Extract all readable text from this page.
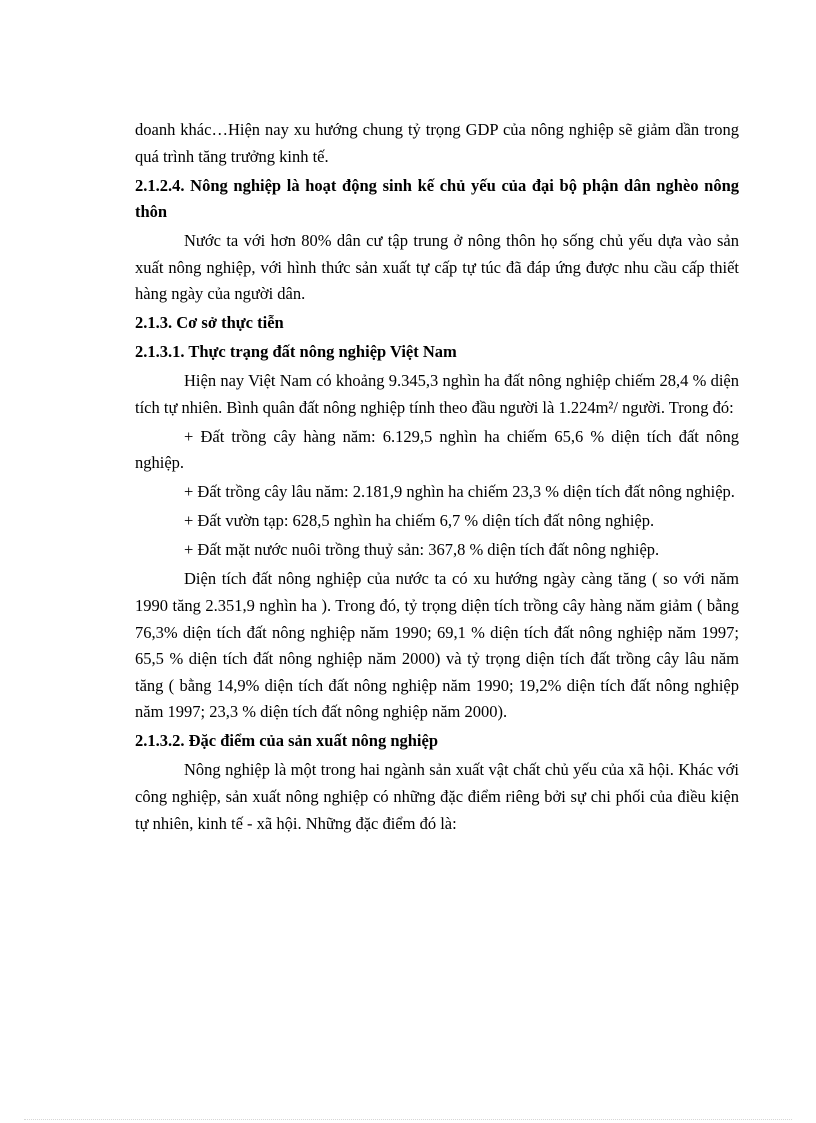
doanh khác…Hiện nay xu hướng chung tỷ trọng GDP của nông nghiệp sẽ giảm dần trong quá trình tăng trưởng kinh tế.

2.1.2.4. Nông nghiệp là hoạt động sinh kế chủ yếu của đại bộ phận dân nghèo nông thôn

Nước ta với hơn 80% dân cư tập trung ở nông thôn họ sống chủ yếu dựa vào sản xuất nông nghiệp, với hình thức sản xuất tự cấp tự túc đã đáp ứng được nhu cầu cấp thiết hàng ngày của người dân.

2.1.3. Cơ sở thực tiễn

2.1.3.1. Thực trạng đất nông nghiệp Việt Nam

Hiện nay Việt Nam có khoảng 9.345,3 nghìn ha đất nông nghiệp chiếm 28,4 % diện tích tự nhiên. Bình quân đất nông nghiệp tính theo đầu người là 1.224m²/ người. Trong đó:

+ Đất trồng cây hàng năm: 6.129,5 nghìn ha chiếm 65,6 % diện tích đất nông nghiệp.

+ Đất trồng cây lâu năm: 2.181,9 nghìn ha chiếm 23,3 % diện tích đất nông nghiệp.

+ Đất vườn tạp: 628,5 nghìn ha chiếm 6,7 % diện tích đất nông nghiệp.

+ Đất mặt nước nuôi trồng thuỷ sản: 367,8 % diện tích đất nông nghiệp.

Diện tích đất nông nghiệp của nước ta có xu hướng ngày càng tăng ( so với năm 1990 tăng 2.351,9 nghìn ha ). Trong đó, tỷ trọng diện tích trồng cây hàng năm giảm ( bằng 76,3% diện tích đất nông nghiệp năm 1990; 69,1 % diện tích đất nông nghiệp năm 1997; 65,5 % diện tích đất nông nghiệp năm 2000) và tỷ trọng diện tích đất trồng cây lâu năm tăng ( bằng 14,9% diện tích đất nông nghiệp năm 1990; 19,2% diện tích đất nông nghiệp năm 1997; 23,3 % diện tích đất nông nghiệp năm 2000).

2.1.3.2. Đặc điểm của sản xuất nông nghiệp

Nông nghiệp là một trong hai ngành sản xuất vật chất chủ yếu của xã hội. Khác với công nghiệp, sản xuất nông nghiệp có những đặc điểm riêng bởi sự chi phối của điều kiện tự nhiên, kinh tế - xã hội. Những đặc điểm đó là:
